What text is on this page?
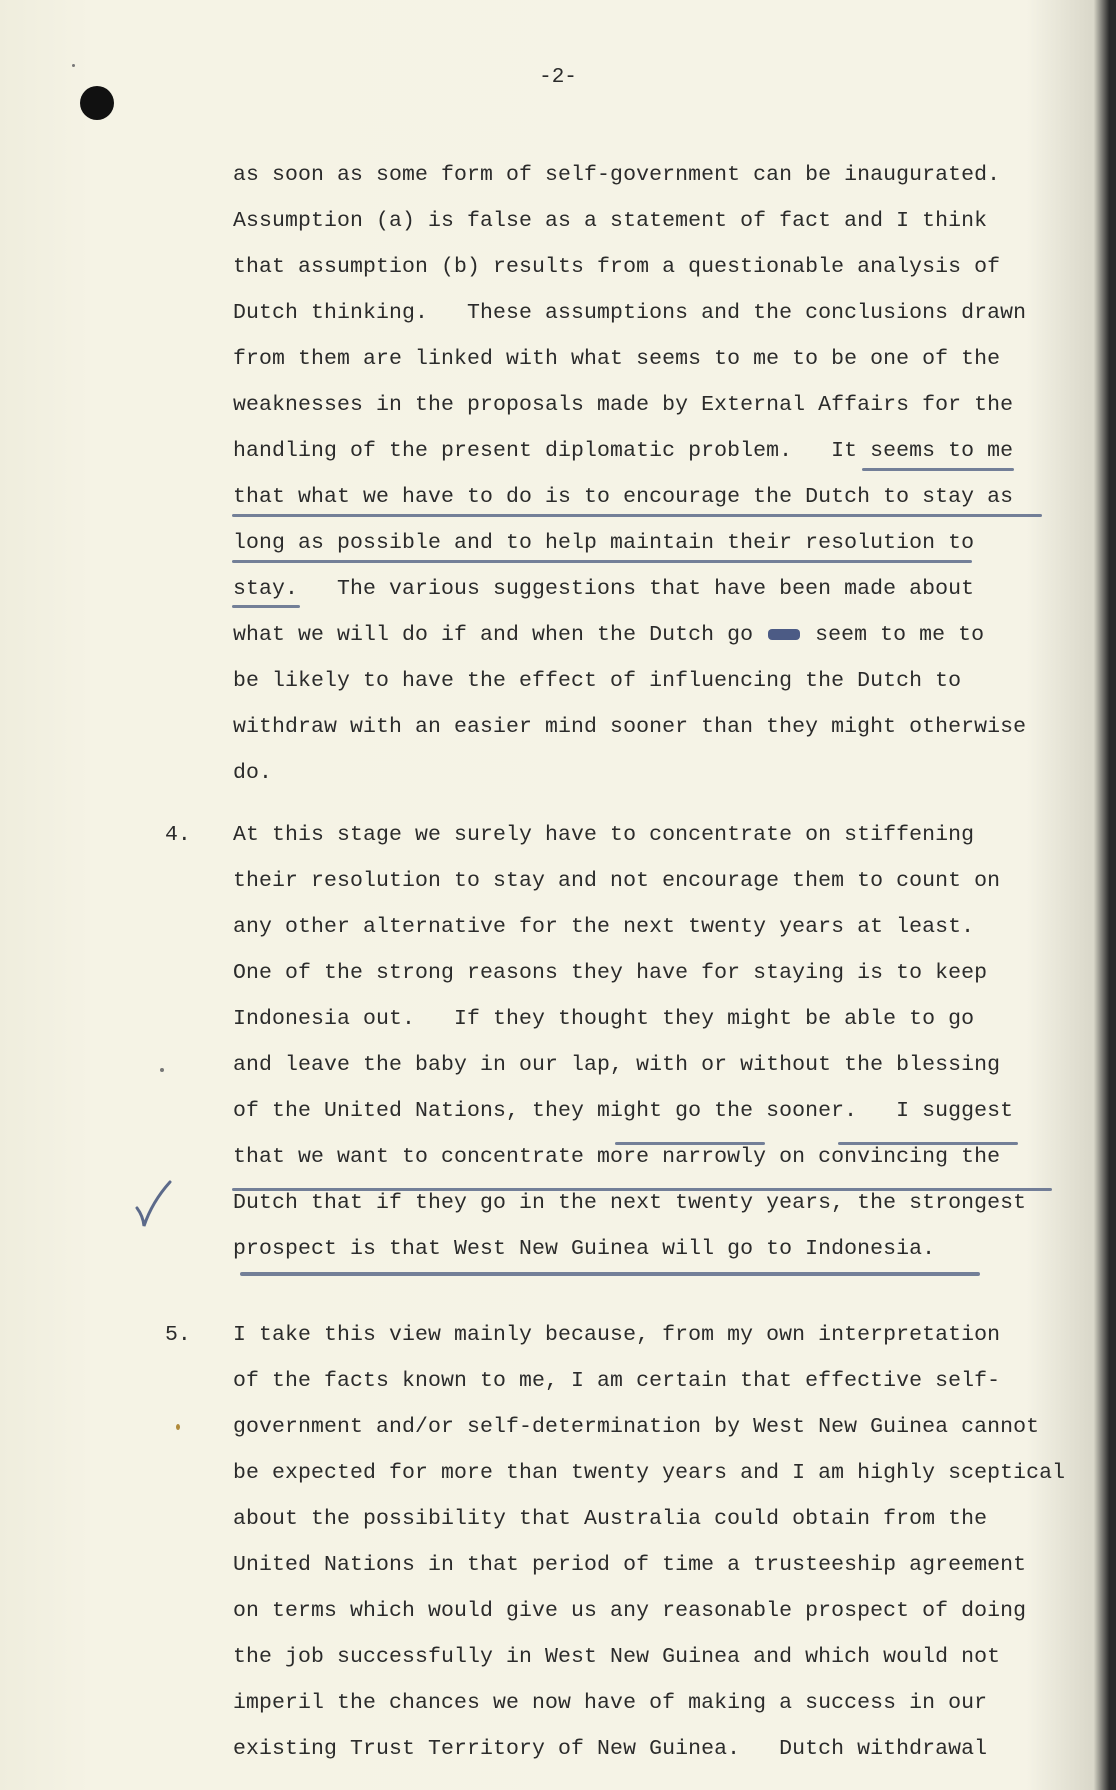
-2-
as soon as some form of self-government can be inaugurated.
Assumption (a) is false as a statement of fact and I think
that assumption (b) results from a questionable analysis of
Dutch thinking.   These assumptions and the conclusions drawn
from them are linked with what seems to me to be one of the
weaknesses in the proposals made by External Affairs for the
handling of the present diplomatic problem.   It seems to me
that what we have to do is to encourage the Dutch to stay as
long as possible and to help maintain their resolution to
stay.   The various suggestions that have been made about
what we will do if and when the Dutch go	seem to me to
be likely to have the effect of influencing the Dutch to
withdraw with an easier mind sooner than they might otherwise
do.
4. At this stage we surely have to concentrate on stiffening
their resolution to stay and not encourage them to count on
any other alternative for the next twenty years at least.
One of the strong reasons they have for staying is to keep
Indonesia out.   If they thought they might be able to go
and leave the baby in our lap, with or without the blessing
of the United Nations, they might go the sooner.   I suggest
that we want to concentrate more narrowly on convincing the
Dutch that if they go in the next twenty years, the strongest
prospect is that West New Guinea will go to Indonesia.
5. I take this view mainly because, from my own interpretation
of the facts known to me, I am certain that effective self-
government and/or self-determination by West New Guinea cannot
be expected for more than twenty years and I am highly sceptical
about the possibility that Australia could obtain from the
United Nations in that period of time a trusteeship agreement
on terms which would give us any reasonable prospect of doing
the job successfully in West New Guinea and which would not
imperil the chances we now have of making a success in our
existing Trust Territory of New Guinea.   Dutch withdrawal
